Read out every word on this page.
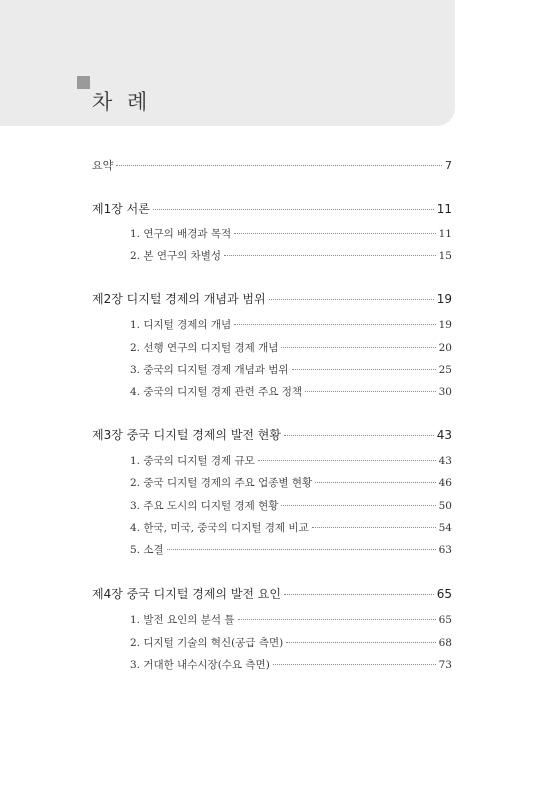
차 례
요약	7
제1장 서론	11
1. 연구의 배경과 목적	11
2. 본 연구의 차별성	15
제2장 디지털 경제의 개념과 범위	19
1. 디지털 경제의 개념	19
2. 선행 연구의 디지털 경제 개념	20
3. 중국의 디지털 경제 개념과 범위	25
4. 중국의 디지털 경제 관련 주요 정책	30
제3장 중국 디지털 경제의 발전 현황	43
1. 중국의 디지털 경제 규모	43
2. 중국 디지털 경제의 주요 업종별 현황	46
3. 주요 도시의 디지털 경제 현황	50
4. 한국, 미국, 중국의 디지털 경제 비교	54
5. 소결	63
제4장 중국 디지털 경제의 발전 요인	65
1. 발전 요인의 분석 틀	65
2. 디지털 기술의 혁신(공급 측면)	68
3. 거대한 내수시장(수요 측면)	73
